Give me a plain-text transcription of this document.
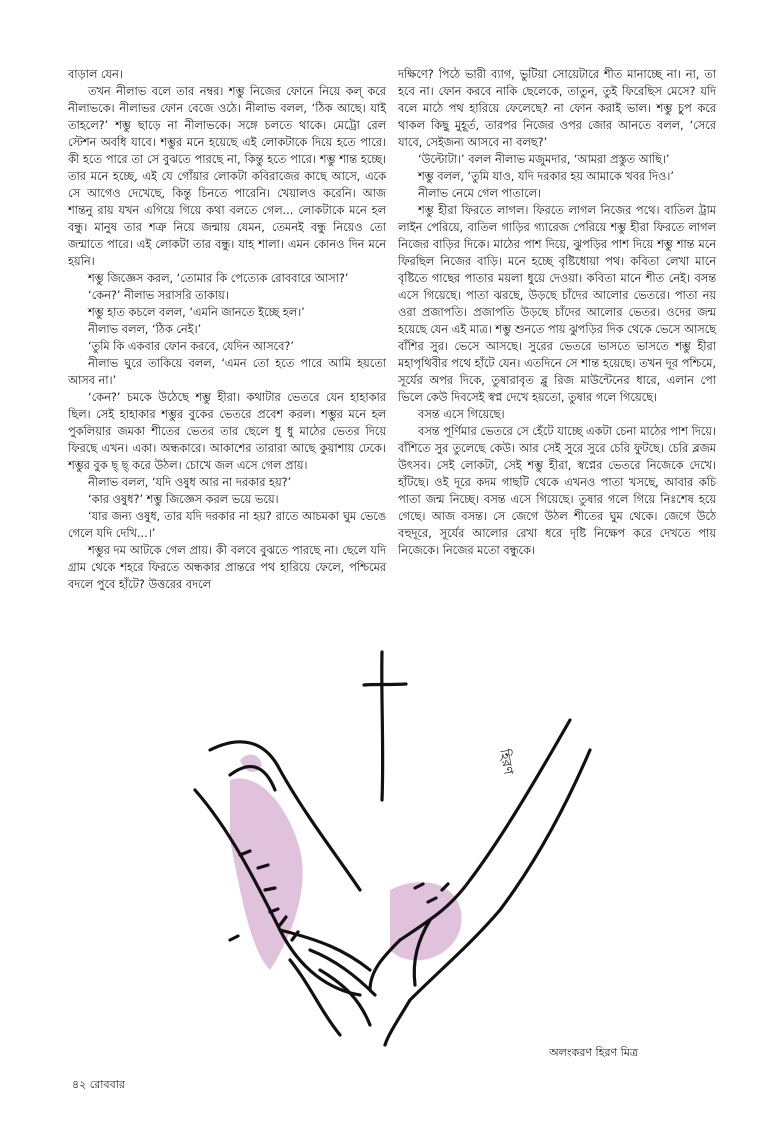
বাড়াল যেন।

তখন নীলাভ বলে তার নম্বর। শম্ভু নিজের ফোনে নিয়ে কল্ করে নীলাভকে। নীলাভর ফোন বেজে ওঠে। নীলাভ বলল, ‘ঠিক আছে। যাই তাহলে?’ শম্ভু ছাড়ে না নীলাভকে। সঙ্গে চলতে থাকে। মেট্রো রেল স্টেশন অবধি যাবে। শম্ভুর মনে হয়েছে এই লোকটাকে দিয়ে হতে পারে। কী হতে পারে তা সে বুঝতে পারছে না, কিন্তু হতে পারে। শম্ভু শান্ত হচ্ছে। তার মনে হচ্ছে, এই যে গোঁয়ার লোকটা কবিরাজের কাছে আসে, একে সে আগেও দেখেছে, কিন্তু চিনতে পারেনি। খেয়ালও করেনি। আজ শান্তনু রায় যখন এগিয়ে গিয়ে কথা বলতে গেল... লোকটাকে মনে হল বন্ধু। মানুষ তার শত্রু নিয়ে জন্মায় যেমন, তেমনই বন্ধু নিয়েও তো জন্মাতে পারে। এই লোকটা তার বন্ধু। যাহ শালা। এমন কোনও দিন মনে হয়নি।

শম্ভু জিজ্ঞেস করল, ‘তোমার কি পেত্যেক রোববারে আসা?’

‘কেন?’ নীলাভ সরাসরি তাকায়।

শম্ভু হাত কচলে বলল, ‘এমনি জানতে ইচ্ছে হল।’

নীলাভ বলল, ‘ঠিক নেই।’

‘তুমি কি একবার ফোন করবে, যেদিন আসবে?’

নীলাভ ঘুরে তাকিয়ে বলল, ‘এমন তো হতে পারে আমি হয়তো আসব না।’

‘কেন?’ চমকে উঠেছে শম্ভু হীরা। কথাটার ভেতরে যেন হাহাকার ছিল। সেই হাহাকার শম্ভুর বুকের ভেতরে প্রবেশ করল। শম্ভুর মনে হল পুকলিয়ার জমকা শীতের ভেতর তার ছেলে ধু ধু মাঠের ভেতর দিয়ে ফিরছে এখন। একা। অন্ধকারে। আকাশের তারারা আছে কুয়াশায় ঢেকে। শম্ভুর বুক ছ্‌ ছ্‌ করে উঠল। চোখে জল এসে গেল প্রায়।

নীলাভ বলল, ‘যদি ওষুধ আর না দরকার হয়?’

‘কার ওষুধ?’ শম্ভু জিজ্ঞেস করল ভয়ে ভয়ে।

‘যার জন্য ওষুধ, তার যদি দরকার না হয়? রাতে আচমকা ঘুম ভেঙে গেলে যদি দেখি...।’

শম্ভুর দম আটকে গেল প্রায়। কী বলবে বুঝতে পারছে না। ছেলে যদি গ্রাম থেকে শহরে ফিরতে অন্ধকার প্রান্তরে পথ হারিয়ে ফেলে, পশ্চিমের বদলে পুবে হাঁটে? উত্তরের বদলে

দক্ষিণে? পিঠে ভারী ব্যাগ, ভুটিয়া সোয়েটারে শীত মানাচ্ছে না। না, তা হবে না। ফোন করবে নাকি ছেলেকে, তাতুন, তুই ফিরেছিস মেসে? যদি বলে মাঠে পথ হারিয়ে ফেলেছে? না ফোন করাই ভাল। শম্ভু চুপ করে থাকল কিছু মুহূর্ত, তারপর নিজের ওপর জোর আনতে বলল, ‘সেরে যাবে, সেইজন্য আসবে না বলছ?’

‘উল্টোটা।’ বলল নীলাভ মজুমদার, ‘আমরা প্রস্তুত আছি।’

শম্ভু বলল, ‘তুমি যাও, যদি দরকার হয় আমাকে খবর দিও।’

নীলাভ নেমে গেল পাতালে।

শম্ভু হীরা ফিরতে লাগল। ফিরতে লাগল নিজের পথে। বাতিল ট্রাম লাইন পেরিয়ে, বাতিল গাড়ির গ্যারেজ পেরিয়ে শম্ভু হীরা ফিরতে লাগল নিজের বাড়ির দিকে। মাঠের পাশ দিয়ে, ঝুপড়ির পাশ দিয়ে শম্ভু শান্ত মনে ফিরছিল নিজের বাড়ি। মনে হচ্ছে বৃষ্টিধোয়া পথ। কবিতা লেখা মানে বৃষ্টিতে গাছের পাতার ময়লা ধুয়ে দেওয়া। কবিতা মানে শীত নেই। বসন্ত এসে গিয়েছে। পাতা ঝরছে, উড়ছে চাঁদের আলোর ভেতরে। পাতা নয় ওরা প্রজাপতি। প্রজাপতি উড়ছে চাঁদের আলোর ভেতর। ওদের জন্ম হয়েছে যেন এই মাত্র। শম্ভু শুনতে পায় ঝুপড়ির দিক থেকে ভেসে আসছে বাঁশির সুর। ভেসে আসছে। সুরের ভেতরে ভাসতে ভাসতে শম্ভু হীরা মহাপৃথিবীর পথে হাঁটে যেন। এতদিনে সে শান্ত হয়েছে। তখন দূর পশ্চিমে, সূর্যের অপর দিকে, তুষারাবৃত ব্লু রিজ মাউন্টেনের ধারে, এলান পো ভিলে কেউ দিবসেই স্বপ্ন দেখে হয়তো, তুষার গলে গিয়েছে।

বসন্ত এসে গিয়েছে।

বসন্ত পূর্ণিমার ভেতরে সে হেঁটে যাচ্ছে একটা চেনা মাঠের পাশ দিয়ে। বাঁশিতে সুর তুলেছে কেউ। আর সেই সুরে সুরে চেরি ফুটছে। চেরি ব্লজম উৎসব। সেই লোকটা, সেই শম্ভু হীরা, স্বপ্নের ভেতরে নিজেকে দেখে। হাঁটছে। ওই দূরে কদম গাছটি থেকে এখনও পাতা খসছে, আবার কচি পাতা জন্ম নিচ্ছে। বসন্ত এসে গিয়েছে। তুষার গলে গিয়ে নিঃশেষ হয়ে গেছে। আজ বসন্ত। সে জেগে উঠল শীতের ঘুম থেকে। জেগে উঠে বহুদূরে, সূর্যের আলোর রেখা ধরে দৃষ্টি নিক্ষেপ করে দেখতে পায় নিজেকে। নিজের মতো বন্ধুকে।

হিরণ
অলংকরণ হিরণ মিত্র
৪২ রোববার
